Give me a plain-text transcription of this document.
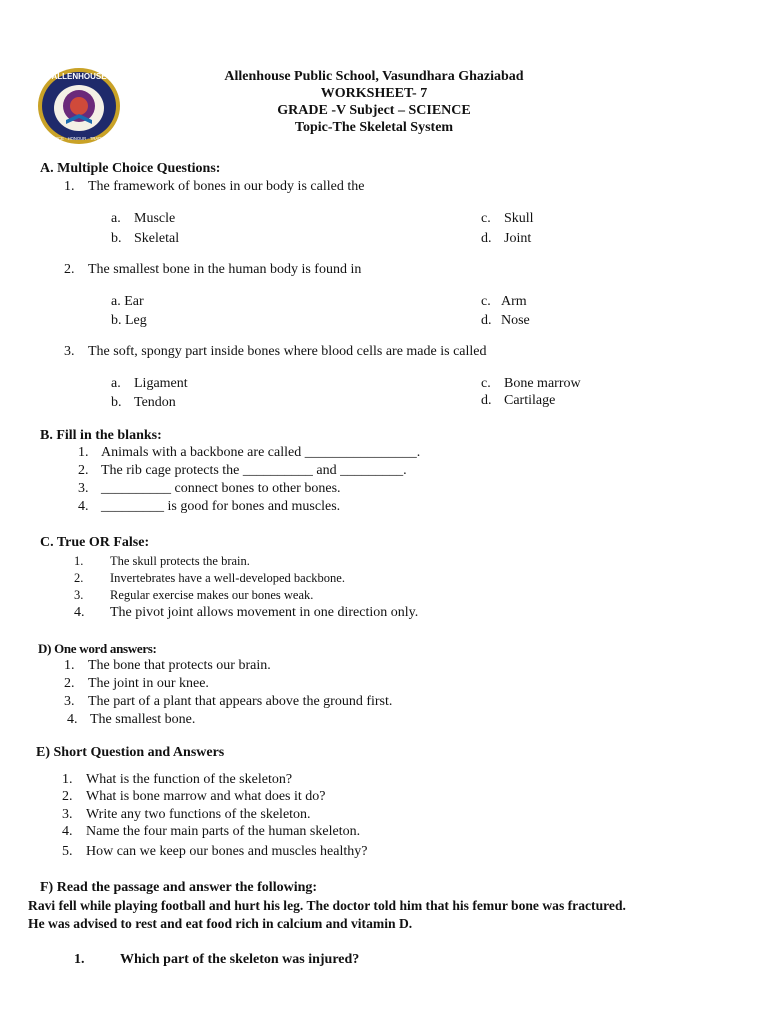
ALLENHOUSE
SERVICE · HONOUR · TRADITION
Allenhouse Public School, Vasundhara Ghaziabad
WORKSHEET- 7
GRADE -V Subject – SCIENCE
Topic-The Skeletal System
A. Multiple Choice Questions:
1. The framework of bones in our body is called the
a. Muscle
b. Skeletal
c. Skull
d. Joint
2. The smallest bone in the human body is found in
a. Ear
b. Leg
c. Arm
d. Nose
3. The soft, spongy part inside bones where blood cells are made is called
a. Ligament
b. Tendon
c. Bone marrow
d. Cartilage
B. Fill in the blanks:
1. Animals with a backbone are called ________________.
2. The rib cage protects the __________ and _________.
3. __________ connect bones to other bones.
4. _________ is good for bones and muscles.
C. True OR False:
1. The skull protects the brain.
2. Invertebrates have a well-developed backbone.
3. Regular exercise makes our bones weak.
4. The pivot joint allows movement in one direction only.
D) One word answers:
1. The bone that protects our brain.
2. The joint in our knee.
3. The part of a plant that appears above the ground first.
4. The smallest bone.
E) Short Question and Answers
1. What is the function of the skeleton?
2. What is bone marrow and what does it do?
3. Write any two functions of the skeleton.
4. Name the four main parts of the human skeleton.
5. How can we keep our bones and muscles healthy?
F) Read the passage and answer the following:
Ravi fell while playing football and hurt his leg. The doctor told him that his femur bone was fractured.
He was advised to rest and eat food rich in calcium and vitamin D.
1.	Which part of the skeleton was injured?
